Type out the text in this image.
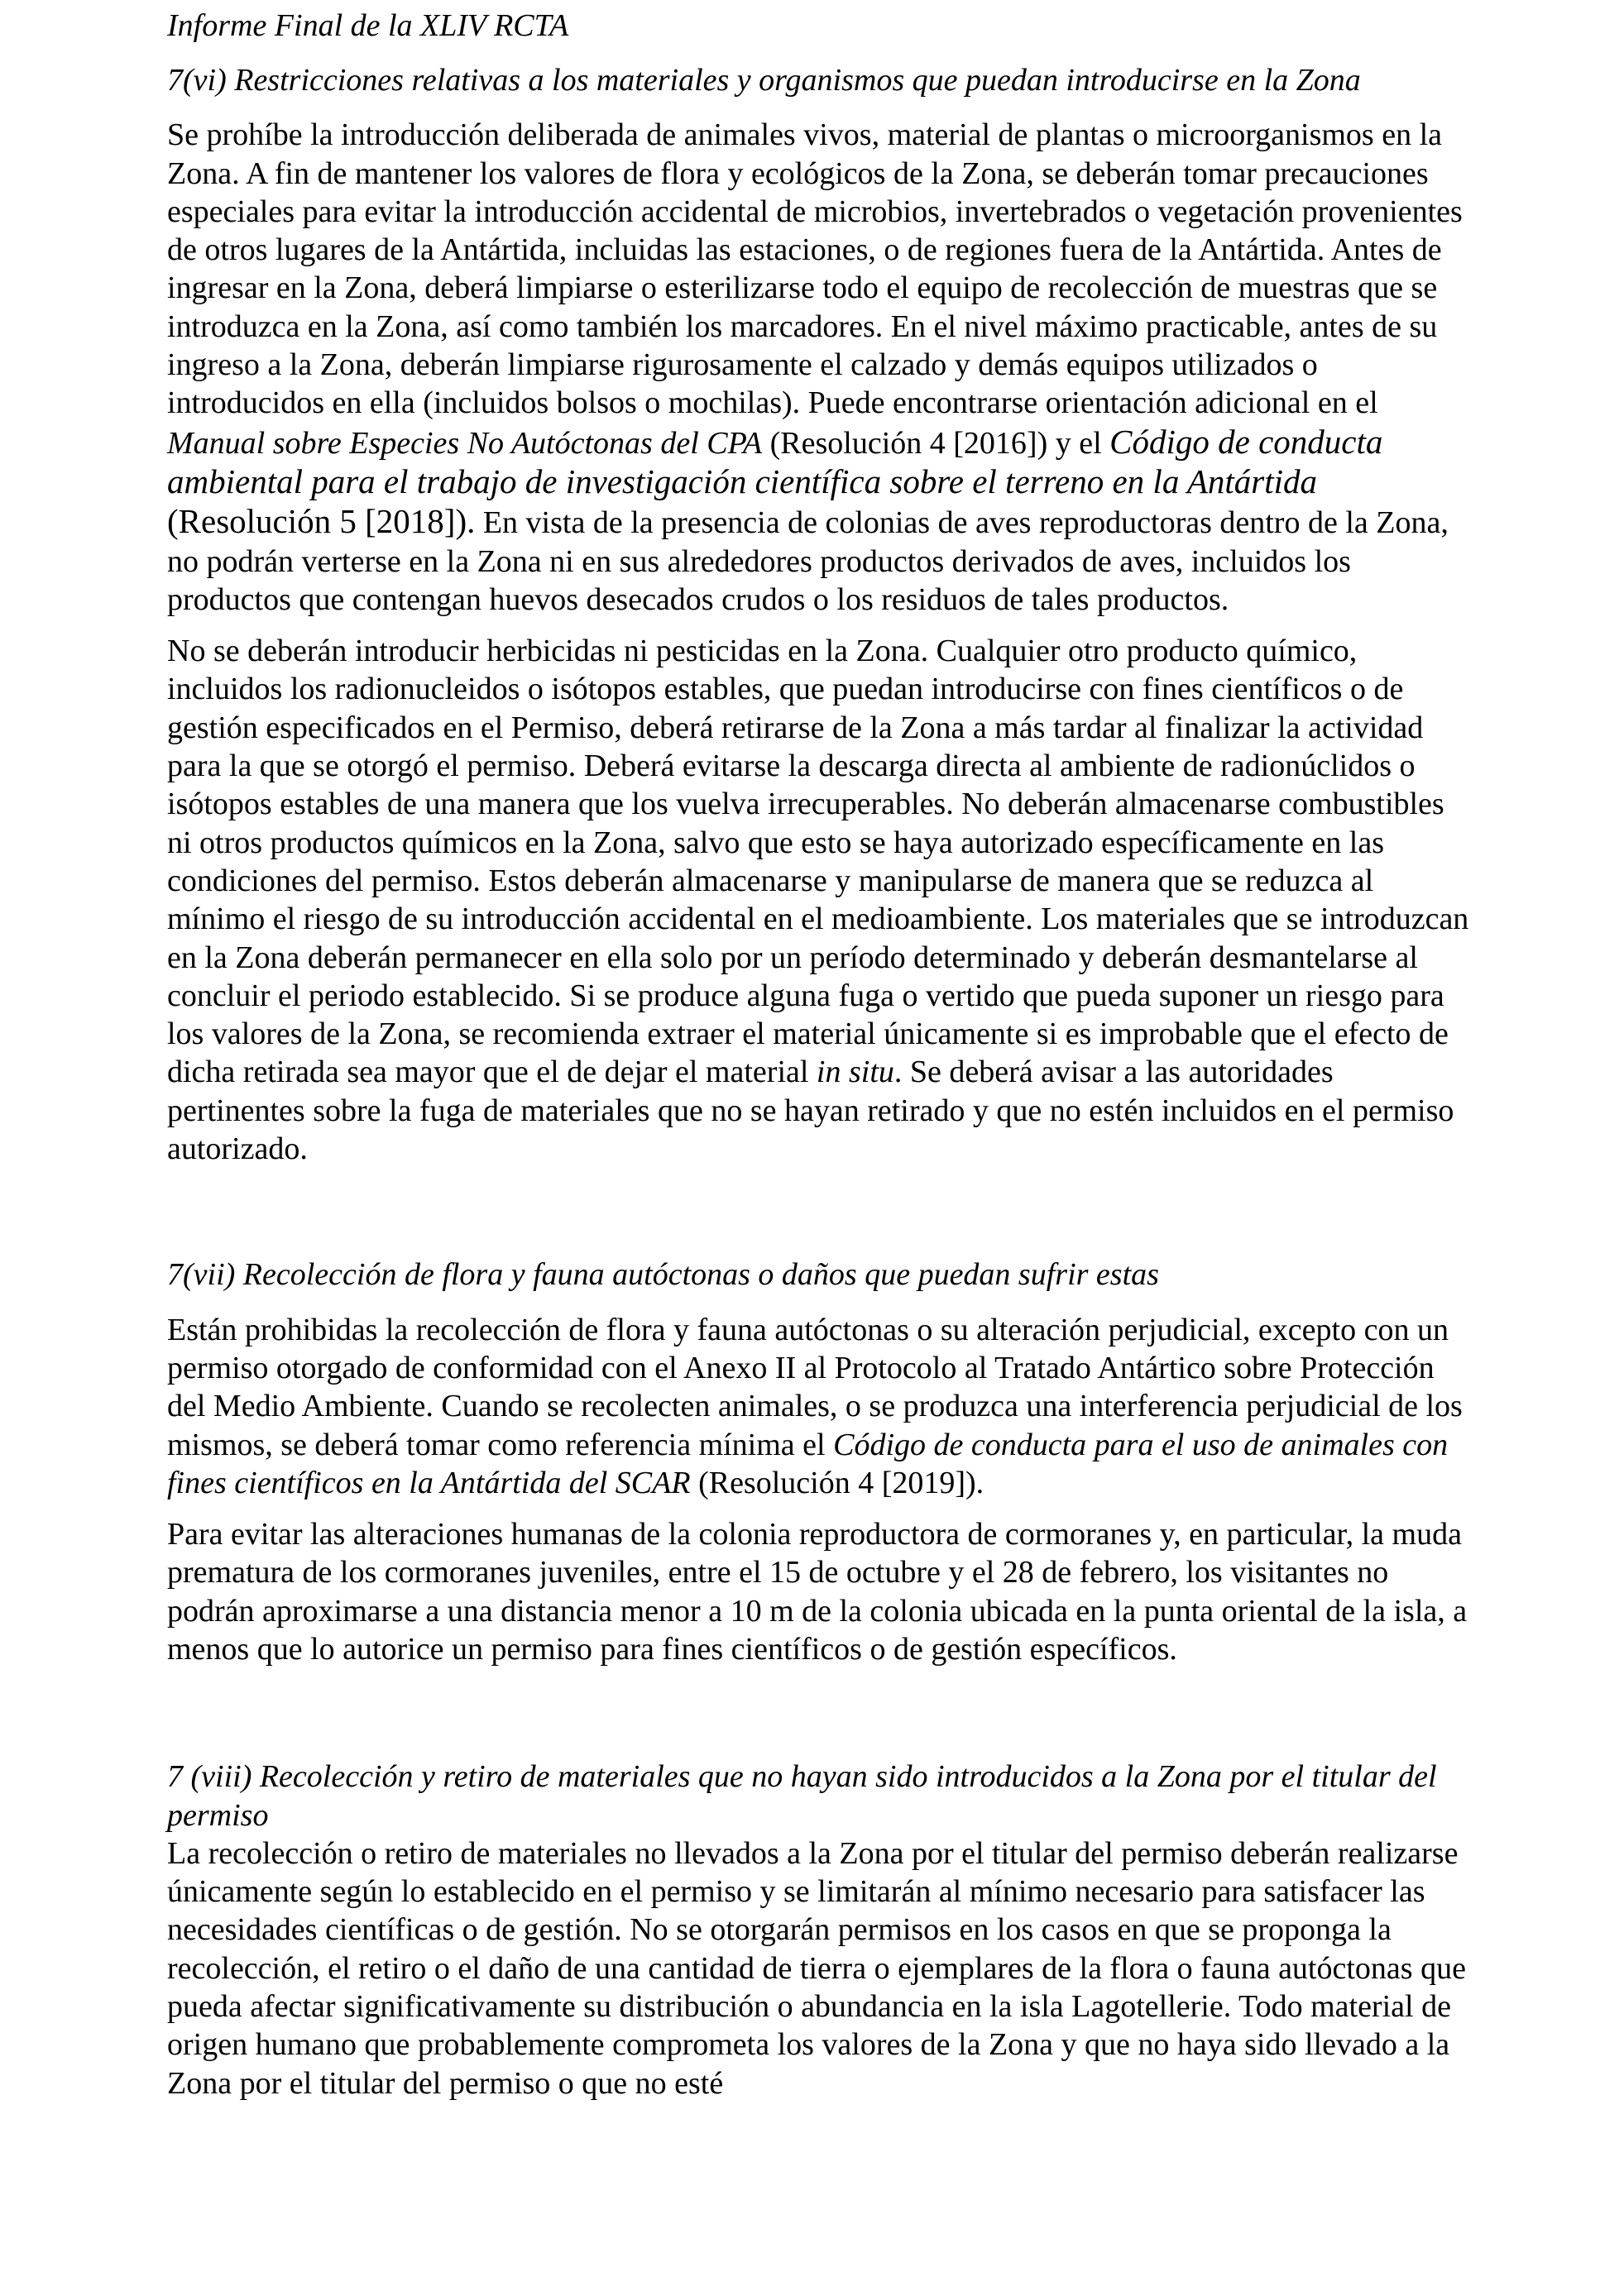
Informe Final de la XLIV RCTA

7(vi) Restricciones relativas a los materiales y organismos que puedan introducirse en la Zona

Se prohíbe la introducción deliberada de animales vivos, material de plantas o microorganismos en la Zona. A fin de mantener los valores de flora y ecológicos de la Zona, se deberán tomar precauciones especiales para evitar la introducción accidental de microbios, invertebrados o vegetación provenientes de otros lugares de la Antártida, incluidas las estaciones, o de regiones fuera de la Antártida. Antes de ingresar en la Zona, deberá limpiarse o esterilizarse todo el equipo de recolección de muestras que se introduzca en la Zona, así como también los marcadores. En el nivel máximo practicable, antes de su ingreso a la Zona, deberán limpiarse rigurosamente el calzado y demás equipos utilizados o introducidos en ella (incluidos bolsos o mochilas). Puede encontrarse orientación adicional en el Manual sobre Especies No Autóctonas del CPA (Resolución 4 [2016]) y el Código de conducta ambiental para el trabajo de investigación científica sobre el terreno en la Antártida (Resolución 5 [2018]). En vista de la presencia de colonias de aves reproductoras dentro de la Zona, no podrán verterse en la Zona ni en sus alrededores productos derivados de aves, incluidos los productos que contengan huevos desecados crudos o los residuos de tales productos.

No se deberán introducir herbicidas ni pesticidas en la Zona. Cualquier otro producto químico, incluidos los radionucleidos o isótopos estables, que puedan introducirse con fines científicos o de gestión especificados en el Permiso, deberá retirarse de la Zona a más tardar al finalizar la actividad para la que se otorgó el permiso. Deberá evitarse la descarga directa al ambiente de radionúclidos o isótopos estables de una manera que los vuelva irrecuperables. No deberán almacenarse combustibles ni otros productos químicos en la Zona, salvo que esto se haya autorizado específicamente en las condiciones del permiso. Estos deberán almacenarse y manipularse de manera que se reduzca al mínimo el riesgo de su introducción accidental en el medioambiente. Los materiales que se introduzcan en la Zona deberán permanecer en ella solo por un período determinado y deberán desmantelarse al concluir el periodo establecido. Si se produce alguna fuga o vertido que pueda suponer un riesgo para los valores de la Zona, se recomienda extraer el material únicamente si es improbable que el efecto de dicha retirada sea mayor que el de dejar el material in situ. Se deberá avisar a las autoridades pertinentes sobre la fuga de materiales que no se hayan retirado y que no estén incluidos en el permiso autorizado.

7(vii) Recolección de flora y fauna autóctonas o daños que puedan sufrir estas

Están prohibidas la recolección de flora y fauna autóctonas o su alteración perjudicial, excepto con un permiso otorgado de conformidad con el Anexo II al Protocolo al Tratado Antártico sobre Protección del Medio Ambiente. Cuando se recolecten animales, o se produzca una interferencia perjudicial de los mismos, se deberá tomar como referencia mínima el Código de conducta para el uso de animales con fines científicos en la Antártida del SCAR (Resolución 4 [2019]).

Para evitar las alteraciones humanas de la colonia reproductora de cormoranes y, en particular, la muda prematura de los cormoranes juveniles, entre el 15 de octubre y el 28 de febrero, los visitantes no podrán aproximarse a una distancia menor a 10 m de la colonia ubicada en la punta oriental de la isla, a menos que lo autorice un permiso para fines científicos o de gestión específicos.

7 (viii) Recolección y retiro de materiales que no hayan sido introducidos a la Zona por el titular del permiso

La recolección o retiro de materiales no llevados a la Zona por el titular del permiso deberán realizarse únicamente según lo establecido en el permiso y se limitarán al mínimo necesario para satisfacer las necesidades científicas o de gestión. No se otorgarán permisos en los casos en que se proponga la recolección, el retiro o el daño de una cantidad de tierra o ejemplares de la flora o fauna autóctonas que pueda afectar significativamente su distribución o abundancia en la isla Lagotellerie. Todo material de origen humano que probablemente comprometa los valores de la Zona y que no haya sido llevado a la Zona por el titular del permiso o que no esté
